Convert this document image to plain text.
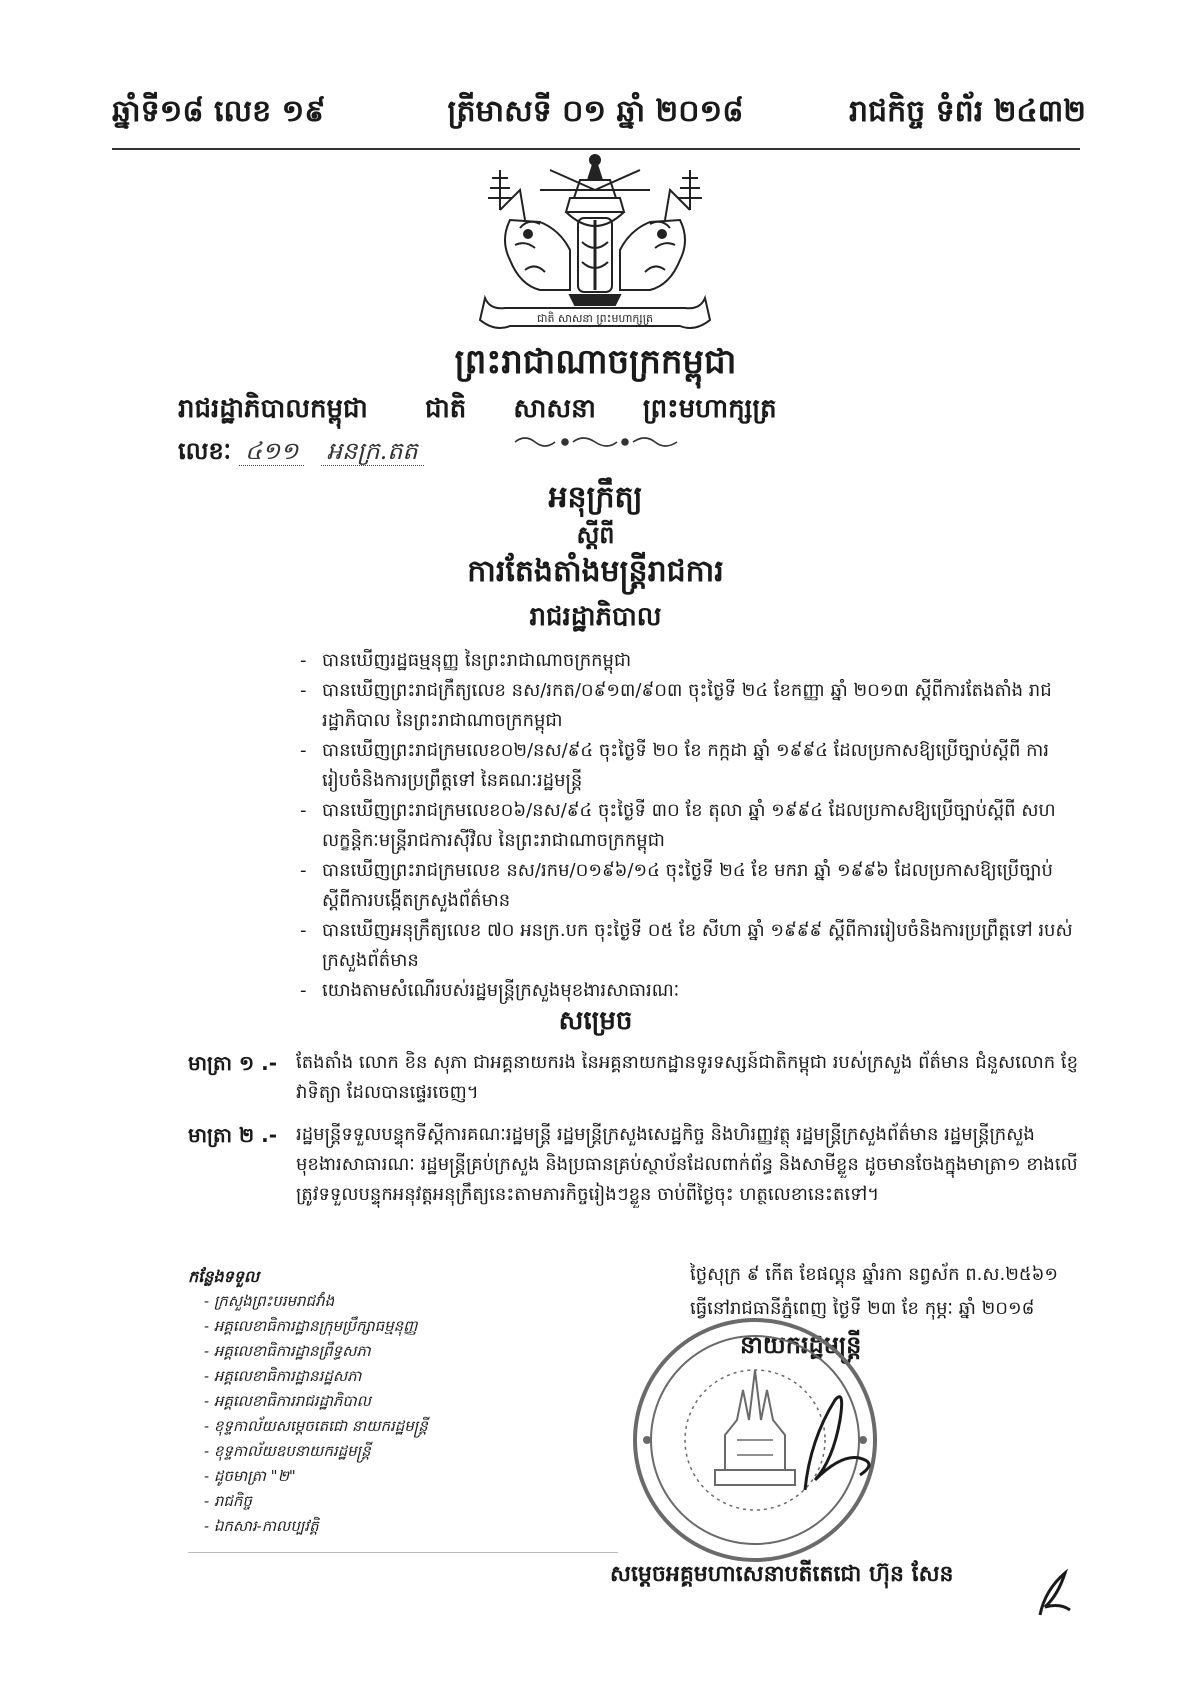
ឆ្នាំទី១៨ លេខ ១៩	ត្រីមាសទី ០១ ឆ្នាំ ២០១៨	រាជកិច្ច ទំព័រ ២៤៣២
ជាតិ សាសនា ព្រះមហាក្សត្រ
ព្រះរាជាណាចក្រកម្ពុជា
រាជរដ្ឋាភិបាលកម្ពុជា ជាតិ សាសនា ព្រះមហាក្សត្រ
លេខៈ ៤១១ អនក្រ.តត
អនុក្រឹត្យ
ស្តីពី
ការតែងតាំងមន្ត្រីរាជការ
រាជរដ្ឋាភិបាល
- បានឃើញរដ្ឋធម្មនុញ្ញ នៃព្រះរាជាណាចក្រកម្ពុជា
- បានឃើញព្រះរាជក្រឹត្យលេខ នស/រកត/០៩១៣/៩០៣ ចុះថ្ងៃទី ២៤ ខែកញ្ញា ឆ្នាំ ២០១៣ ស្តីពីការតែងតាំង រាជរដ្ឋាភិបាល នៃព្រះរាជាណាចក្រកម្ពុជា
- បានឃើញព្រះរាជក្រមលេខ០២/នស/៩៤ ចុះថ្ងៃទី ២០ ខែ កក្កដា ឆ្នាំ ១៩៩៤ ដែលប្រកាសឱ្យប្រើច្បាប់ស្តីពី ការរៀបចំនិងការប្រព្រឹត្តទៅ នៃគណៈរដ្ឋមន្ត្រី
- បានឃើញព្រះរាជក្រមលេខ០៦/នស/៩៤ ចុះថ្ងៃទី ៣០ ខែ តុលា ឆ្នាំ ១៩៩៤ ដែលប្រកាសឱ្យប្រើច្បាប់ស្តីពី សហលក្ខន្តិកៈមន្ត្រីរាជការស៊ីវិល នៃព្រះរាជាណាចក្រកម្ពុជា
- បានឃើញព្រះរាជក្រមលេខ នស/រកម/០១៩៦/១៤ ចុះថ្ងៃទី ២៤ ខែ មករា ឆ្នាំ ១៩៩៦ ដែលប្រកាសឱ្យប្រើច្បាប់ ស្តីពីការបង្កើតក្រសួងព័ត៌មាន
- បានឃើញអនុក្រឹត្យលេខ ៧០ អនក្រ.បក ចុះថ្ងៃទី ០៥ ខែ សីហា ឆ្នាំ ១៩៩៩ ស្តីពីការរៀបចំនិងការប្រព្រឹត្តទៅ របស់ក្រសួងព័ត៌មាន
- យោងតាមសំណើរបស់រដ្ឋមន្ត្រីក្រសួងមុខងារសាធារណៈ
សម្រេច
មាត្រា ១ .- តែងតាំង លោក ខិន សុភា ជាអគ្គនាយករង នៃអគ្គនាយកដ្ឋានទូរទស្សន៍ជាតិកម្ពុជា របស់ក្រសួង ព័ត៌មាន ជំនួសលោក ខ្ញែ វាទិត្យា ដែលបានផ្ទេរចេញ។
មាត្រា ២ .- រដ្ឋមន្ត្រីទទួលបន្ទុកទីស្តីការគណៈរដ្ឋមន្ត្រី រដ្ឋមន្ត្រីក្រសួងសេដ្ឋកិច្ច និងហិរញ្ញវត្ថុ រដ្ឋមន្ត្រីក្រសួងព័ត៌មាន រដ្ឋមន្ត្រីក្រសួងមុខងារសាធារណៈ រដ្ឋមន្ត្រីគ្រប់ក្រសួង និងប្រធានគ្រប់ស្ថាប័នដែលពាក់ព័ន្ធ និងសាមីខ្លួន ដូចមានចែងក្នុងមាត្រា១ ខាងលើ ត្រូវទទួលបន្ទុកអនុវត្តអនុក្រឹត្យនេះតាមភារកិច្ចរៀងៗខ្លួន ចាប់ពីថ្ងៃចុះ ហត្ថលេខានេះតទៅ។
ថ្ងៃសុក្រ ៩ កើត ខែផល្គុន ឆ្នាំរកា នព្វស័ក ព.ស.២៥៦១
ធ្វើនៅរាជធានីភ្នំពេញ ថ្ងៃទី ២៣ ខែ កុម្ភៈ ឆ្នាំ ២០១៨
នាយករដ្ឋមន្ត្រី
កន្លែងទទួល
- ក្រសួងព្រះបរមរាជវាំង
- អគ្គលេខាធិការដ្ឋានក្រុមប្រឹក្សាធម្មនុញ្ញ
- អគ្គលេខាធិការដ្ឋានព្រឹទ្ធសភា
- អគ្គលេខាធិការដ្ឋានរដ្ឋសភា
- អគ្គលេខាធិការរាជរដ្ឋាភិបាល
- ខុទ្ទកាល័យសម្តេចតេជោ នាយករដ្ឋមន្ត្រី
- ខុទ្ទកាល័យឧបនាយករដ្ឋមន្ត្រី
- ដូចមាត្រា "២"
- រាជកិច្ច
- ឯកសារ-កាលប្បវត្តិ
សម្តេចអគ្គមហាសេនាបតីតេជោ ហ៊ុន សែន
